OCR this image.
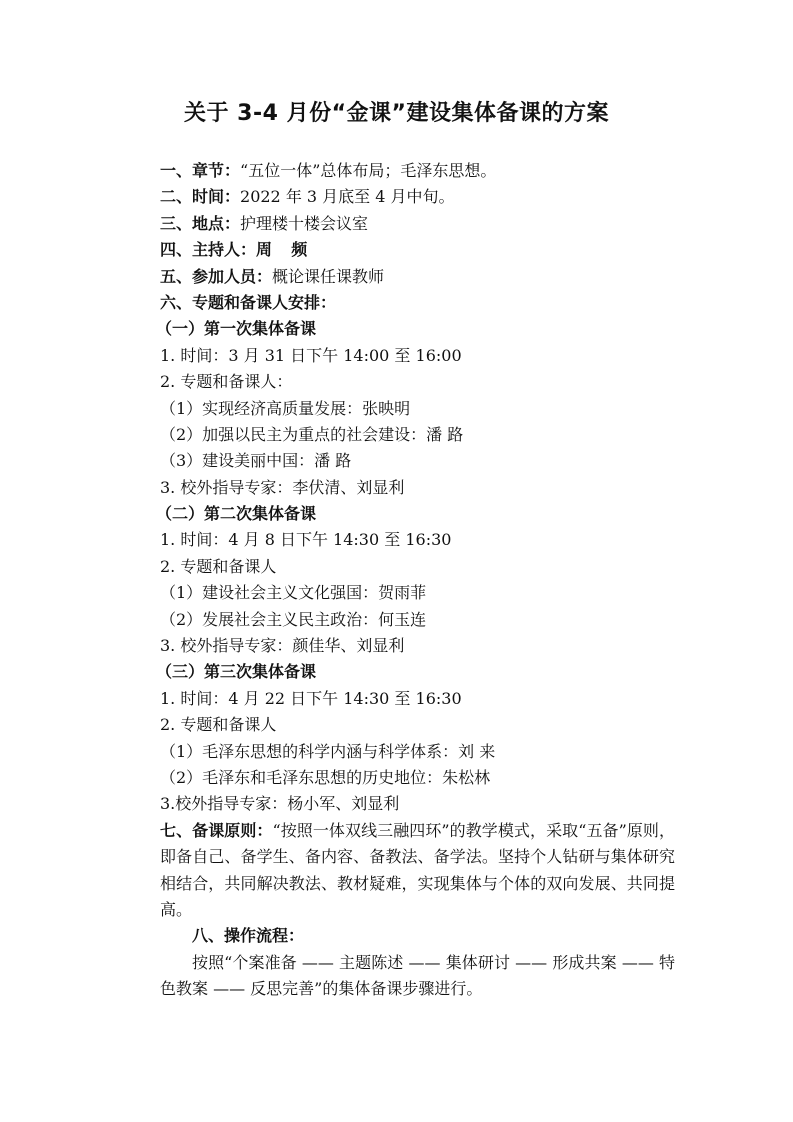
关于 3-4 月份“金课”建设集体备课的方案
一、章节：“五位一体”总体布局；毛泽东思想。
二、时间：2022 年 3 月底至 4 月中旬。
三、地点：护理楼十楼会议室
四、主持人：周 频
五、参加人员：概论课任课教师
六、专题和备课人安排：
（一）第一次集体备课
1. 时间：3 月 31 日下午 14:00 至 16:00
2. 专题和备课人：
（1）实现经济高质量发展：张映明
（2）加强以民主为重点的社会建设：潘 路
（3）建设美丽中国：潘 路
3. 校外指导专家：李伏清、刘显利
（二）第二次集体备课
1. 时间：4 月 8 日下午 14:30 至 16:30
2. 专题和备课人
（1）建设社会主义文化强国：贺雨菲
（2）发展社会主义民主政治：何玉连
3. 校外指导专家：颜佳华、刘显利
（三）第三次集体备课
1. 时间：4 月 22 日下午 14:30 至 16:30
2. 专题和备课人
（1）毛泽东思想的科学内涵与科学体系：刘 来
（2）毛泽东和毛泽东思想的历史地位：朱松林
3.校外指导专家：杨小军、刘显利
七、备课原则：“按照一体双线三融四环”的教学模式，采取“五备”原则，即备自己、备学生、备内容、备教法、备学法。坚持个人钻研与集体研究相结合，共同解决教法、教材疑难，实现集体与个体的双向发展、共同提高。
八、操作流程：
按照“个案准备 —— 主题陈述 —— 集体研讨 —— 形成共案 —— 特色教案 —— 反思完善”的集体备课步骤进行。
